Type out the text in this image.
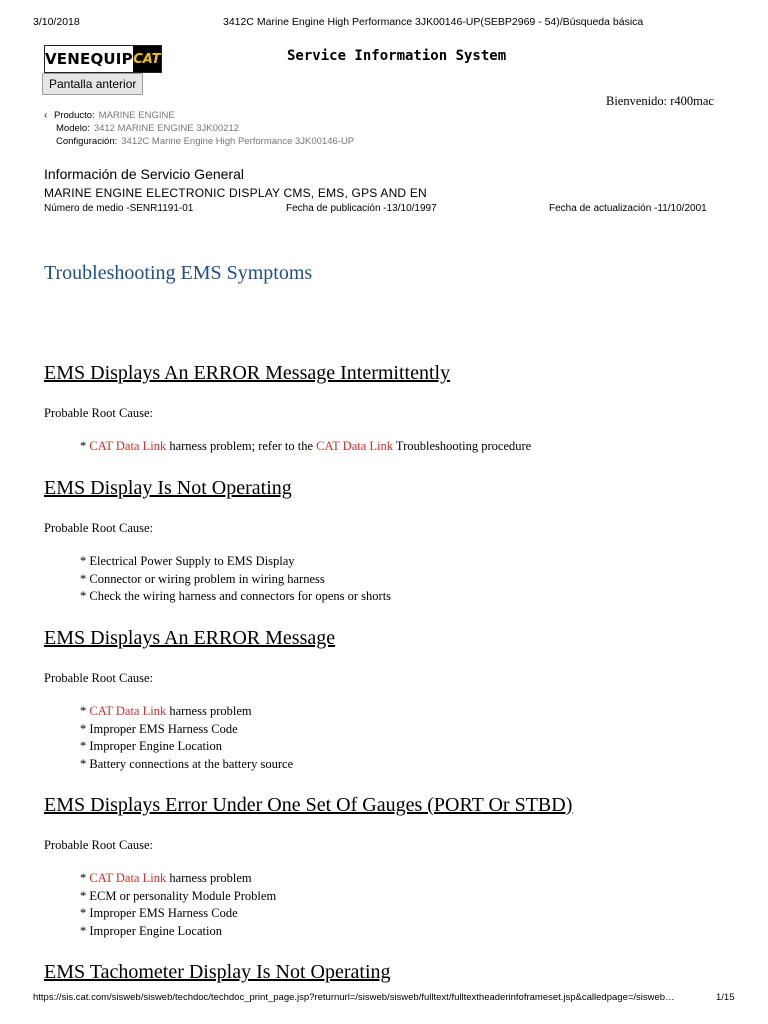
3/10/2018	3412C Marine Engine High Performance 3JK00146-UP(SEBP2969 - 54)/Búsqueda básica
VENEQUIP CAT	Service Information System
Pantalla anterior
Bienvenido: r400mac
‹ Producto: MARINE ENGINE
Modelo: 3412 MARINE ENGINE 3JK00212
Configuración: 3412C Marine Engine High Performance 3JK00146-UP
Información de Servicio General
MARINE ENGINE ELECTRONIC DISPLAY CMS, EMS, GPS AND EN
Número de medio -SENR1191-01	Fecha de publicación -13/10/1997	Fecha de actualización -11/10/2001
Troubleshooting EMS Symptoms
EMS Displays An ERROR Message Intermittently
Probable Root Cause:
* CAT Data Link harness problem; refer to the CAT Data Link Troubleshooting procedure
EMS Display Is Not Operating
Probable Root Cause:
* Electrical Power Supply to EMS Display
* Connector or wiring problem in wiring harness
* Check the wiring harness and connectors for opens or shorts
EMS Displays An ERROR Message
Probable Root Cause:
* CAT Data Link harness problem
* Improper EMS Harness Code
* Improper Engine Location
* Battery connections at the battery source
EMS Displays Error Under One Set Of Gauges (PORT Or STBD)
Probable Root Cause:
* CAT Data Link harness problem
* ECM or personality Module Problem
* Improper EMS Harness Code
* Improper Engine Location
EMS Tachometer Display Is Not Operating
https://sis.cat.com/sisweb/sisweb/techdoc/techdoc_print_page.jsp?returnurl=/sisweb/sisweb/fulltext/fulltextheaderinfoframeset.jsp&calledpage=/sisweb…	1/15
